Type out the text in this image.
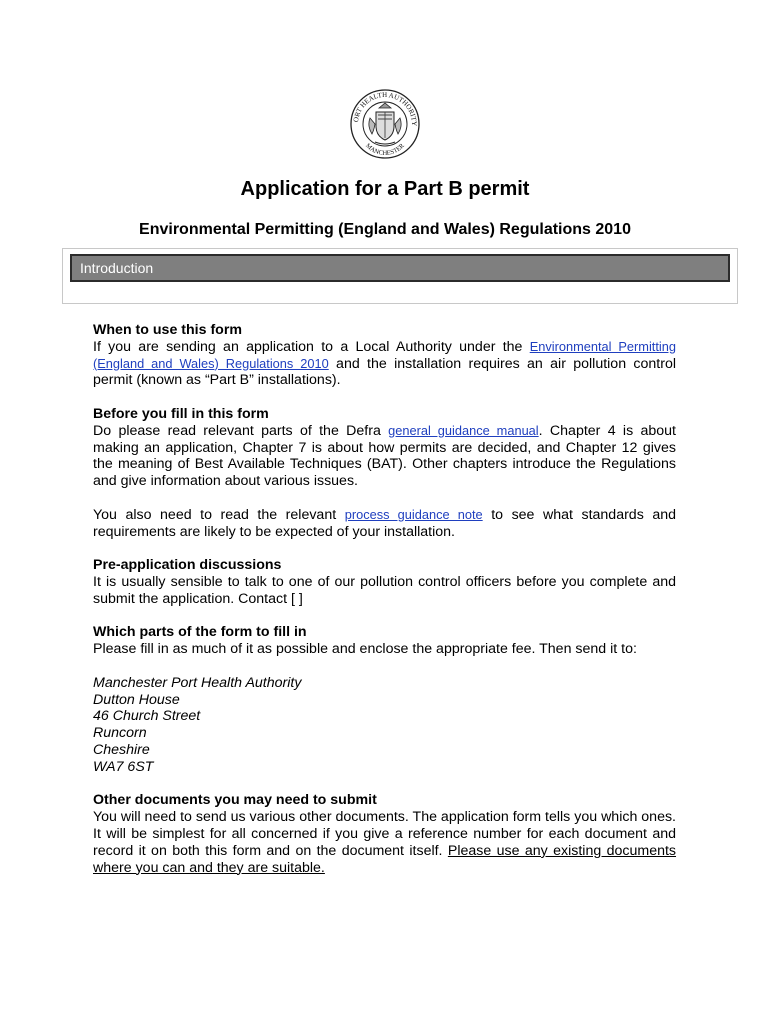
ORT HEALTH AUTHORITY
MANCHESTER
Application for a Part B permit
Environmental Permitting (England and Wales) Regulations 2010
Introduction

When to use this form

If you are sending an application to a Local Authority under the Environmental Permitting (England and Wales) Regulations 2010 and the installation requires an air pollution control permit (known as “Part B” installations).

Before you fill in this form

Do please read relevant parts of the Defra general guidance manual. Chapter 4 is about making an application, Chapter 7 is about how permits are decided, and Chapter 12 gives the meaning of Best Available Techniques (BAT). Other chapters introduce the Regulations and give information about various issues.

You also need to read the relevant process guidance note to see what standards and requirements are likely to be expected of your installation.

Pre-application discussions

It is usually sensible to talk to one of our pollution control officers before you complete and submit the application. Contact [ ]

Which parts of the form to fill in

Please fill in as much of it as possible and enclose the appropriate fee. Then send it to:

Manchester Port Health Authority

Dutton House

46 Church Street

Runcorn

Cheshire

WA7 6ST

Other documents you may need to submit

You will need to send us various other documents. The application form tells you which ones. It will be simplest for all concerned if you give a reference number for each document and record it on both this form and on the document itself. Please use any existing documents where you can and they are suitable.
